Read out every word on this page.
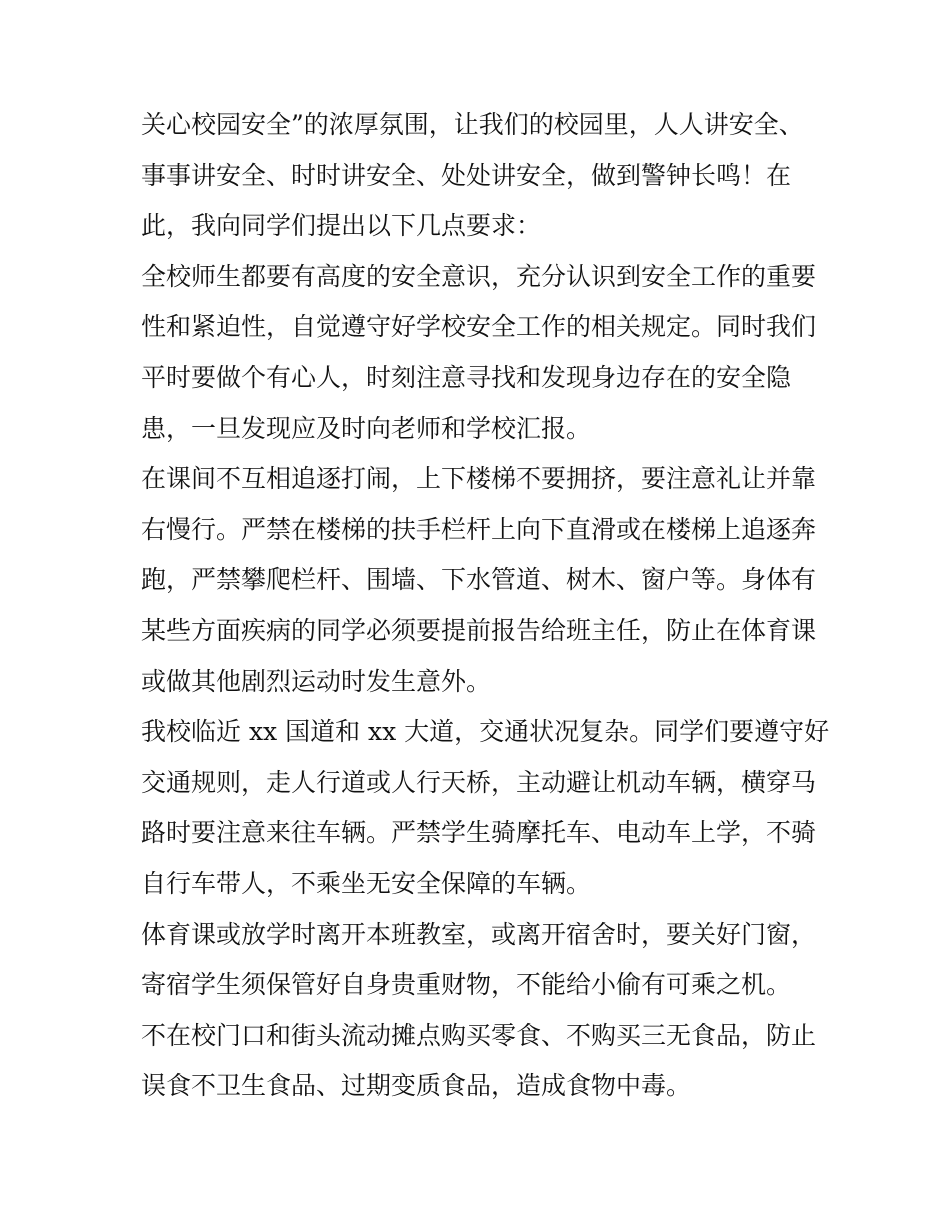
关心校园安全”的浓厚氛围，让我们的校园里，人人讲安全、

事事讲安全、时时讲安全、处处讲安全，做到警钟长鸣！在

此，我向同学们提出以下几点要求：

全校师生都要有高度的安全意识，充分认识到安全工作的重要

性和紧迫性，自觉遵守好学校安全工作的相关规定。同时我们

平时要做个有心人，时刻注意寻找和发现身边存在的安全隐

患，一旦发现应及时向老师和学校汇报。

在课间不互相追逐打闹，上下楼梯不要拥挤，要注意礼让并靠

右慢行。严禁在楼梯的扶手栏杆上向下直滑或在楼梯上追逐奔

跑，严禁攀爬栏杆、围墙、下水管道、树木、窗户等。身体有

某些方面疾病的同学必须要提前报告给班主任，防止在体育课

或做其他剧烈运动时发生意外。

我校临近 xx 国道和 xx 大道，交通状况复杂。同学们要遵守好

交通规则，走人行道或人行天桥，主动避让机动车辆，横穿马

路时要注意来往车辆。严禁学生骑摩托车、电动车上学，不骑

自行车带人，不乘坐无安全保障的车辆。

体育课或放学时离开本班教室，或离开宿舍时，要关好门窗，

寄宿学生须保管好自身贵重财物，不能给小偷有可乘之机。

不在校门口和街头流动摊点购买零食、不购买三无食品，防止

误食不卫生食品、过期变质食品，造成食物中毒。
